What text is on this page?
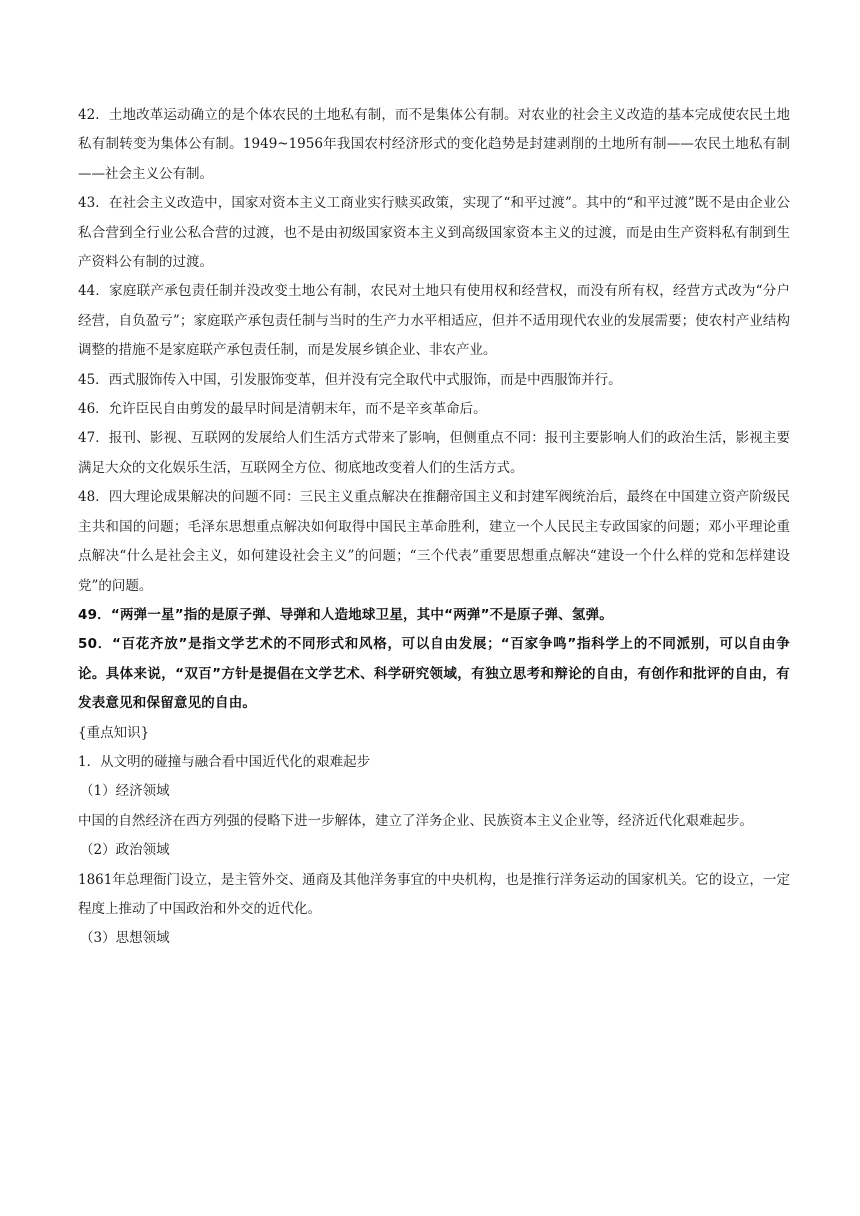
42．土地改革运动确立的是个体农民的土地私有制，而不是集体公有制。对农业的社会主义改造的基本完成使农民土地私有制转变为集体公有制。1949~1956年我国农村经济形式的变化趋势是封建剥削的土地所有制——农民土地私有制——社会主义公有制。

43．在社会主义改造中，国家对资本主义工商业实行赎买政策，实现了“和平过渡”。其中的“和平过渡”既不是由企业公私合营到全行业公私合营的过渡，也不是由初级国家资本主义到高级国家资本主义的过渡，而是由生产资料私有制到生产资料公有制的过渡。

44．家庭联产承包责任制并没改变土地公有制，农民对土地只有使用权和经营权，而没有所有权，经营方式改为“分户经营，自负盈亏”；家庭联产承包责任制与当时的生产力水平相适应，但并不适用现代农业的发展需要；使农村产业结构调整的措施不是家庭联产承包责任制，而是发展乡镇企业、非农产业。

45．西式服饰传入中国，引发服饰变革，但并没有完全取代中式服饰，而是中西服饰并行。

46．允许臣民自由剪发的最早时间是清朝末年，而不是辛亥革命后。

47．报刊、影视、互联网的发展给人们生活方式带来了影响，但侧重点不同：报刊主要影响人们的政治生活，影视主要满足大众的文化娱乐生活，互联网全方位、彻底地改变着人们的生活方式。

48．四大理论成果解决的问题不同：三民主义重点解决在推翻帝国主义和封建军阀统治后，最终在中国建立资产阶级民主共和国的问题；毛泽东思想重点解决如何取得中国民主革命胜利，建立一个人民民主专政国家的问题；邓小平理论重点解决“什么是社会主义，如何建设社会主义”的问题；“三个代表”重要思想重点解决“建设一个什么样的党和怎样建设党”的问题。

49．“两弹一星”指的是原子弹、导弹和人造地球卫星，其中“两弹”不是原子弹、氢弹。

50．“百花齐放”是指文学艺术的不同形式和风格，可以自由发展；“百家争鸣”指科学上的不同派别，可以自由争论。具体来说，“双百”方针是提倡在文学艺术、科学研究领域，有独立思考和辩论的自由，有创作和批评的自由，有发表意见和保留意见的自由。

{重点知识}

1．从文明的碰撞与融合看中国近代化的艰难起步

（1）经济领域

中国的自然经济在西方列强的侵略下进一步解体，建立了洋务企业、民族资本主义企业等，经济近代化艰难起步。

（2）政治领域

1861年总理衙门设立，是主管外交、通商及其他洋务事宜的中央机构，也是推行洋务运动的国家机关。它的设立，一定程度上推动了中国政治和外交的近代化。

（3）思想领域
